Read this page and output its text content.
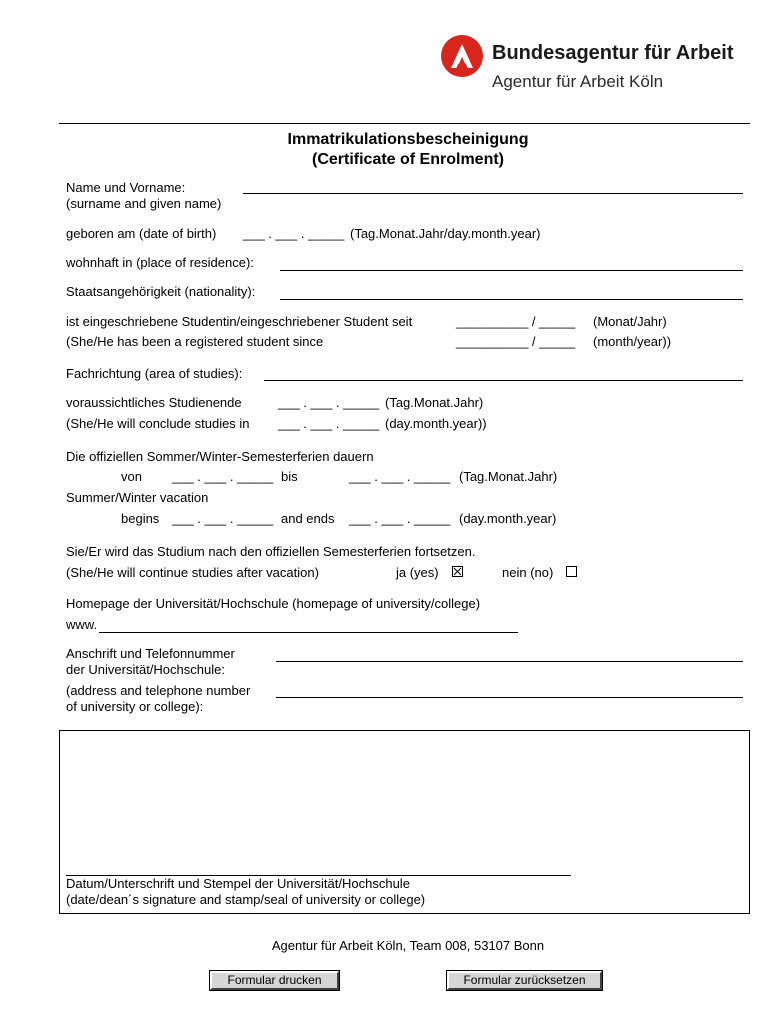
Bundesagentur für Arbeit
Agentur für Arbeit Köln
Immatrikulationsbescheinigung
(Certificate of Enrolment)
Name und Vorname:
(surname and given name)
geboren am (date of birth) ___ . ___ . _____ (Tag.Monat.Jahr/day.month.year)
wohnhaft in (place of residence):
Staatsangehörigkeit (nationality):
ist eingeschriebene Studentin/eingeschriebener Student seit	__________ / _____ (Monat/Jahr)
(She/He has been a registered student since	__________ / _____ (month/year))
Fachrichtung (area of studies):
voraussichtliches Studienende	___ . ___ . _____ (Tag.Monat.Jahr)
(She/He will conclude studies in ___ . ___ . _____ (day.month.year))
Die offiziellen Sommer/Winter-Semesterferien dauern
von ___ . ___ . _____ bis	___ . ___ . _____ (Tag.Monat.Jahr)
Summer/Winter vacation
begins ___ . ___ . _____ and ends ___ . ___ . _____ (day.month.year)
Sie/Er wird das Studium nach den offiziellen Semesterferien fortsetzen.
(She/He will continue studies after vacation)	ja (yes)	nein (no)
Homepage der Universität/Hochschule (homepage of university/college)
www.
Anschrift und Telefonnummer
der Universität/Hochschule:
(address and telephone number
of university or college):
Datum/Unterschrift und Stempel der Universität/Hochschule
(date/dean´s signature and stamp/seal of university or college)
Agentur für Arbeit Köln, Team 008, 53107 Bonn
Formular drucken	Formular zurücksetzen
